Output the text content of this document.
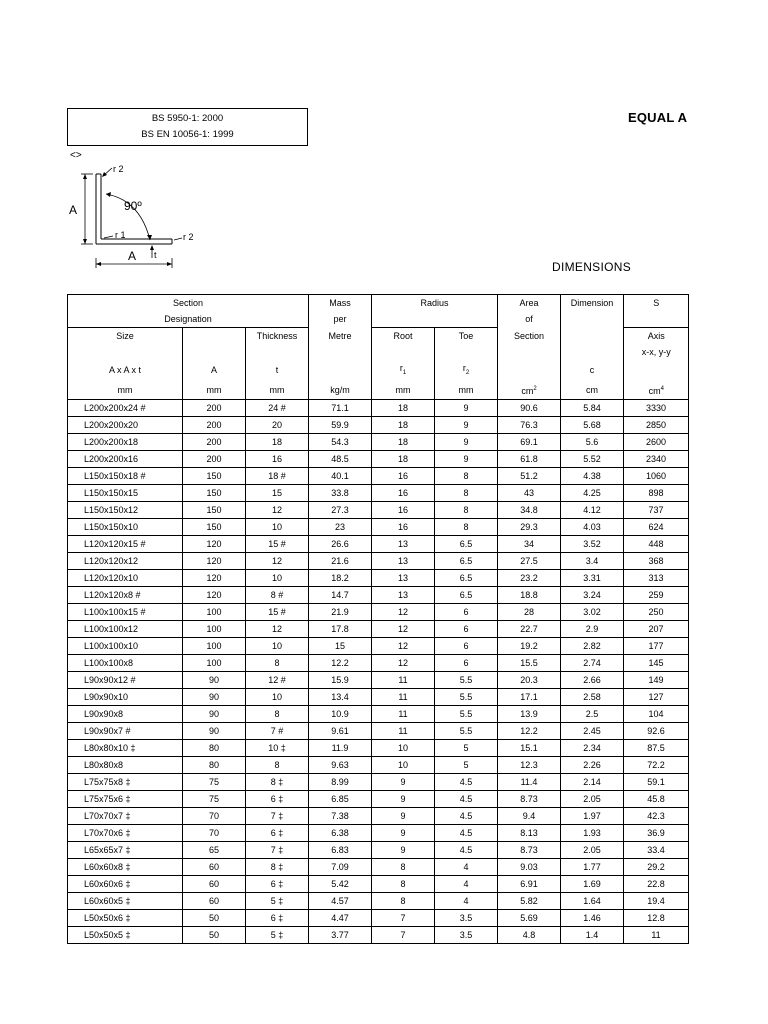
BS 5950-1: 2000
BS EN 10056-1: 1999
EQUAL A
<>
A
A
90º
r 2
r 1	r 2
t
DIMENSIONS
Section			Mass	Radius		Area	Dimension	S
Designation			per			of		
Size		Thickness	Metre	Root	Toe	Section		Axis
								x-x, y-y
A x A x t	A	t		$r_1$	$r_2$		c	
mm	mm	mm	kg/m	mm	mm	$cm^2$	cm	$cm^4$
L200x200x24 #	200	24 #	71.1	18	9	90.6	5.84	3330
L200x200x20	200	20	59.9	18	9	76.3	5.68	2850
L200x200x18	200	18	54.3	18	9	69.1	5.6	2600
L200x200x16	200	16	48.5	18	9	61.8	5.52	2340
L150x150x18 #	150	18 #	40.1	16	8	51.2	4.38	1060
L150x150x15	150	15	33.8	16	8	43	4.25	898
L150x150x12	150	12	27.3	16	8	34.8	4.12	737
L150x150x10	150	10	23	16	8	29.3	4.03	624
L120x120x15 #	120	15 #	26.6	13	6.5	34	3.52	448
L120x120x12	120	12	21.6	13	6.5	27.5	3.4	368
L120x120x10	120	10	18.2	13	6.5	23.2	3.31	313
L120x120x8 #	120	8 #	14.7	13	6.5	18.8	3.24	259
L100x100x15 #	100	15 #	21.9	12	6	28	3.02	250
L100x100x12	100	12	17.8	12	6	22.7	2.9	207
L100x100x10	100	10	15	12	6	19.2	2.82	177
L100x100x8	100	8	12.2	12	6	15.5	2.74	145
L90x90x12 #	90	12 #	15.9	11	5.5	20.3	2.66	149
L90x90x10	90	10	13.4	11	5.5	17.1	2.58	127
L90x90x8	90	8	10.9	11	5.5	13.9	2.5	104
L90x90x7 #	90	7 #	9.61	11	5.5	12.2	2.45	92.6
L80x80x10 ‡	80	10 ‡	11.9	10	5	15.1	2.34	87.5
L80x80x8	80	8	9.63	10	5	12.3	2.26	72.2
L75x75x8 ‡	75	8 ‡	8.99	9	4.5	11.4	2.14	59.1
L75x75x6 ‡	75	6 ‡	6.85	9	4.5	8.73	2.05	45.8
L70x70x7 ‡	70	7 ‡	7.38	9	4.5	9.4	1.97	42.3
L70x70x6 ‡	70	6 ‡	6.38	9	4.5	8.13	1.93	36.9
L65x65x7 ‡	65	7 ‡	6.83	9	4.5	8.73	2.05	33.4
L60x60x8 ‡	60	8 ‡	7.09	8	4	9.03	1.77	29.2
L60x60x6 ‡	60	6 ‡	5.42	8	4	6.91	1.69	22.8
L60x60x5 ‡	60	5 ‡	4.57	8	4	5.82	1.64	19.4
L50x50x6 ‡	50	6 ‡	4.47	7	3.5	5.69	1.46	12.8
L50x50x5 ‡	50	5 ‡	3.77	7	3.5	4.8	1.4	11
